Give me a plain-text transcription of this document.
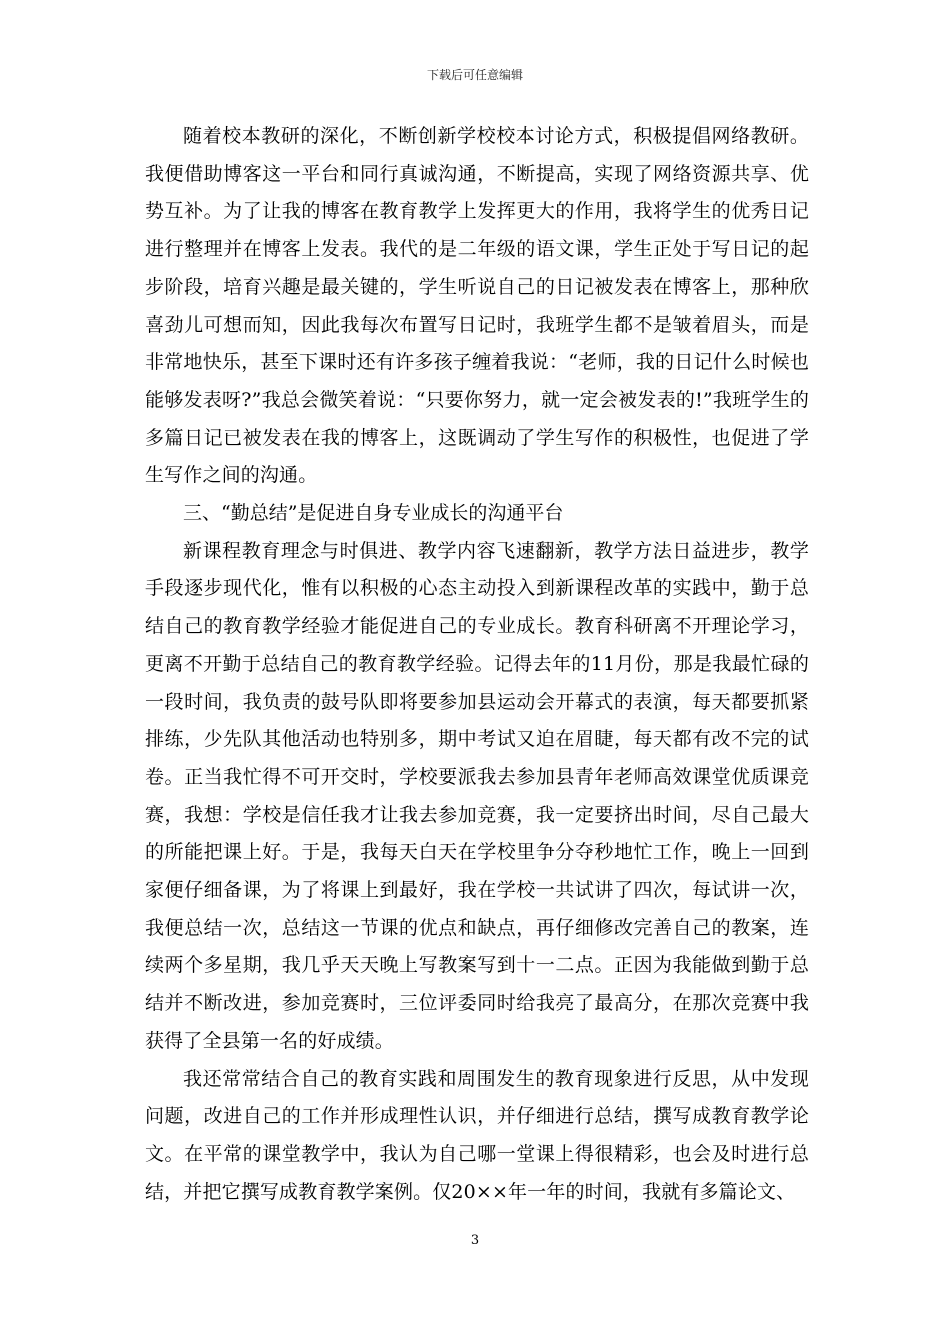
下载后可任意编辑

随着校本教研的深化，不断创新学校校本讨论方式，积极提倡网络教研。我便借助博客这一平台和同行真诚沟通，不断提高，实现了网络资源共享、优势互补。为了让我的博客在教育教学上发挥更大的作用，我将学生的优秀日记进行整理并在博客上发表。我代的是二年级的语文课，学生正处于写日记的起步阶段，培育兴趣是最关键的，学生听说自己的日记被发表在博客上，那种欣喜劲儿可想而知，因此我每次布置写日记时，我班学生都不是皱着眉头，而是非常地快乐，甚至下课时还有许多孩子缠着我说：“老师，我的日记什么时候也能够发表呀?”我总会微笑着说：“只要你努力，就一定会被发表的!”我班学生的多篇日记已被发表在我的博客上，这既调动了学生写作的积极性，也促进了学生写作之间的沟通。

三、“勤总结”是促进自身专业成长的沟通平台

新课程教育理念与时俱进、教学内容飞速翻新，教学方法日益进步，教学手段逐步现代化，惟有以积极的心态主动投入到新课程改革的实践中，勤于总结自己的教育教学经验才能促进自己的专业成长。教育科研离不开理论学习，更离不开勤于总结自己的教育教学经验。记得去年的11月份，那是我最忙碌的一段时间，我负责的鼓号队即将要参加县运动会开幕式的表演，每天都要抓紧排练，少先队其他活动也特别多，期中考试又迫在眉睫，每天都有改不完的试卷。正当我忙得不可开交时，学校要派我去参加县青年老师高效课堂优质课竞赛，我想：学校是信任我才让我去参加竞赛，我一定要挤出时间，尽自己最大的所能把课上好。于是，我每天白天在学校里争分夺秒地忙工作，晚上一回到家便仔细备课，为了将课上到最好，我在学校一共试讲了四次，每试讲一次，我便总结一次，总结这一节课的优点和缺点，再仔细修改完善自己的教案，连续两个多星期，我几乎天天晚上写教案写到十一二点。正因为我能做到勤于总结并不断改进，参加竞赛时，三位评委同时给我亮了最高分，在那次竞赛中我获得了全县第一名的好成绩。

我还常常结合自己的教育实践和周围发生的教育现象进行反思，从中发现问题，改进自己的工作并形成理性认识，并仔细进行总结，撰写成教育教学论文。在平常的课堂教学中，我认为自己哪一堂课上得很精彩，也会及时进行总结，并把它撰写成教育教学案例。仅20××年一年的时间，我就有多篇论文、

3
